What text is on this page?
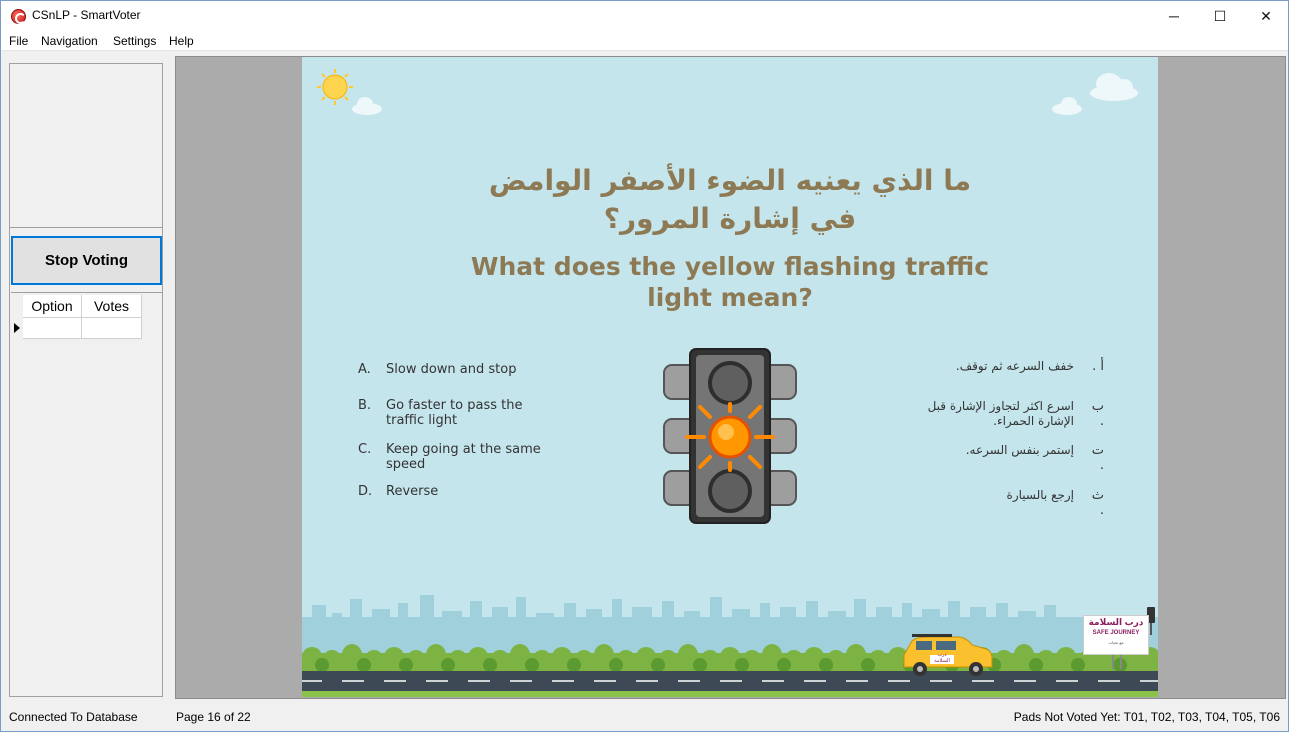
CSnLP - SmartVoter	─	☐	✕
File Navigation Settings Help
Stop Voting
Option	Votes
ما الذي يعنيه الضوء الأصفر الوامض
في إشارة المرور؟
What does the yellow flashing traffic
light mean?
A. Slow down and stop
B. Go faster to pass the traffic light
C. Keep going at the same speed
D. Reverse
أ .
خفف السرعه ثم توقف.
ب .
اسرع اكثر لتجاوز الإشارة قبل الإشارة الحمراء.
ت .
إستمر بنفس السرعه.
ث .
إرجع بالسيارة
درب السلامة
SAFE JOURNEY
مع تحيات
درب السلامة
Connected To Database	Page 16 of 22	Pads Not Voted Yet: T01, T02, T03, T04, T05, T06
